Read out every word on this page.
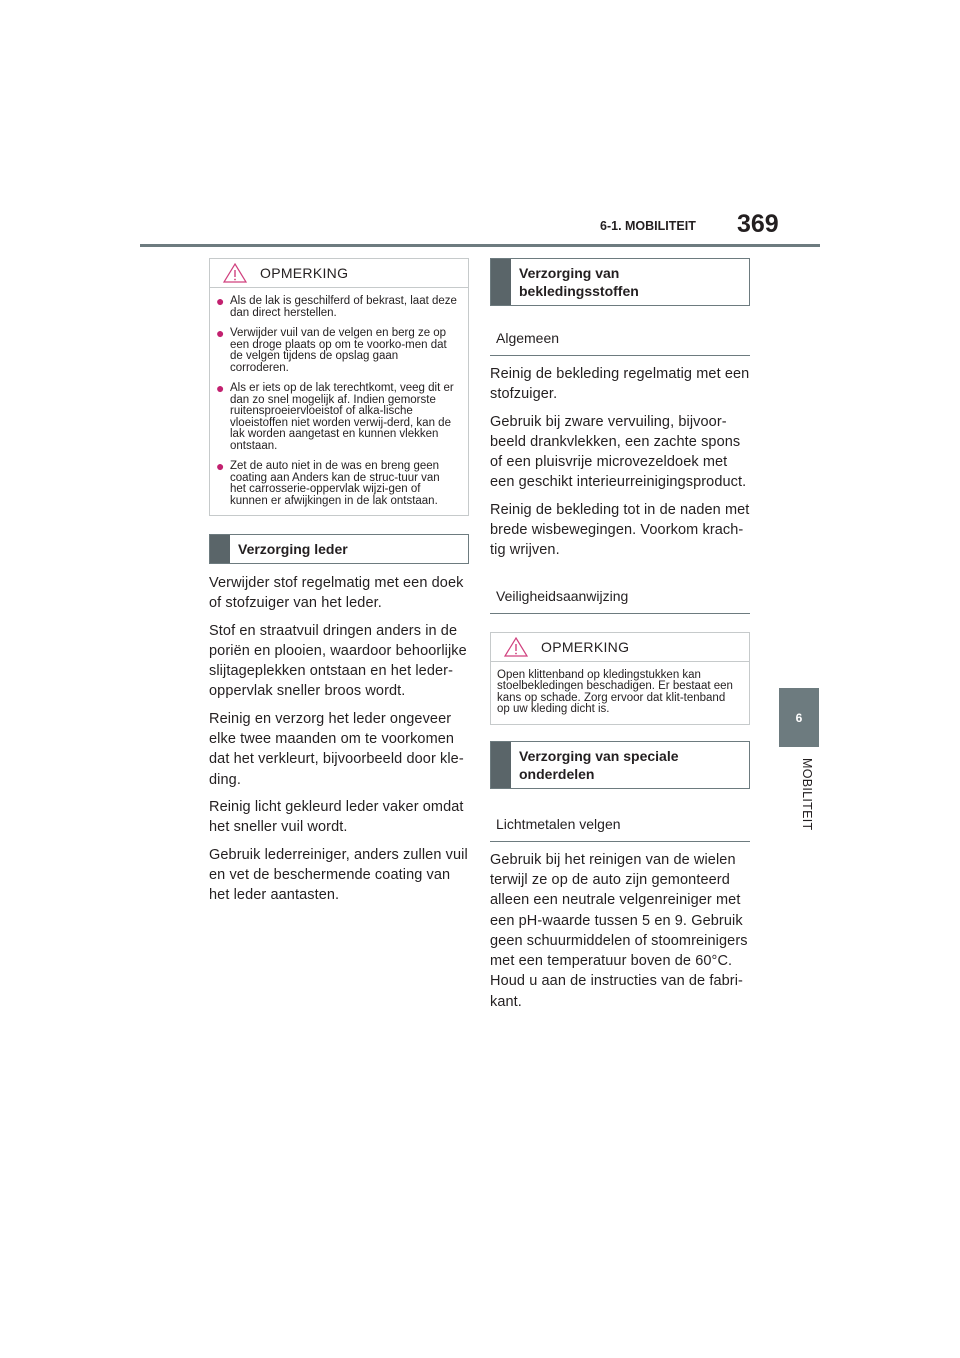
6-1. MOBILITEIT 369
6
MOBILITEIT
OPMERKING
● Als de lak is geschilferd of bekrast, laat deze dan direct herstellen.
● Verwijder vuil van de velgen en berg ze op een droge plaats op om te voorko-men dat de velgen tijdens de opslag gaan corroderen.
● Als er iets op de lak terechtkomt, veeg dit er dan zo snel mogelijk af. Indien gemorste ruitensproeiervloeistof of alka-lische vloeistoffen niet worden verwij-derd, kan de lak worden aangetast en kunnen vlekken ontstaan.
● Zet de auto niet in de was en breng geen coating aan Anders kan de struc-tuur van het carrosserie-oppervlak wijzi-gen of kunnen er afwijkingen in de lak ontstaan.
Verzorging leder

Verwijder stof regelmatig met een doek of stofzuiger van het leder.

Stof en straatvuil dringen anders in de poriën en plooien, waardoor behoorlijke slijtageplekken ontstaan en het leder-oppervlak sneller broos wordt.

Reinig en verzorg het leder ongeveer elke twee maanden om te voorkomen dat het verkleurt, bijvoorbeeld door kle-ding.

Reinig licht gekleurd leder vaker omdat het sneller vuil wordt.

Gebruik lederreiniger, anders zullen vuil en vet de beschermende coating van het leder aantasten.

Verzorging van bekledingsstoffen
Algemeen

Reinig de bekleding regelmatig met een stofzuiger.

Gebruik bij zware vervuiling, bijvoor-beeld drankvlekken, een zachte spons of een pluisvrije microvezeldoek met een geschikt interieurreinigingsproduct.

Reinig de bekleding tot in de naden met brede wisbewegingen. Voorkom krach-tig wrijven.

Veiligheidsaanwijzing
OPMERKING
Open klittenband op kledingstukken kan stoelbekledingen beschadigen. Er bestaat een kans op schade. Zorg ervoor dat klit-tenband op uw kleding dicht is.
Verzorging van speciale onderdelen
Lichtmetalen velgen

Gebruik bij het reinigen van de wielen terwijl ze op de auto zijn gemonteerd alleen een neutrale velgenreiniger met een pH-waarde tussen 5 en 9. Gebruik geen schuurmiddelen of stoomreinigers met een temperatuur boven de 60°C. Houd u aan de instructies van de fabri-kant.
